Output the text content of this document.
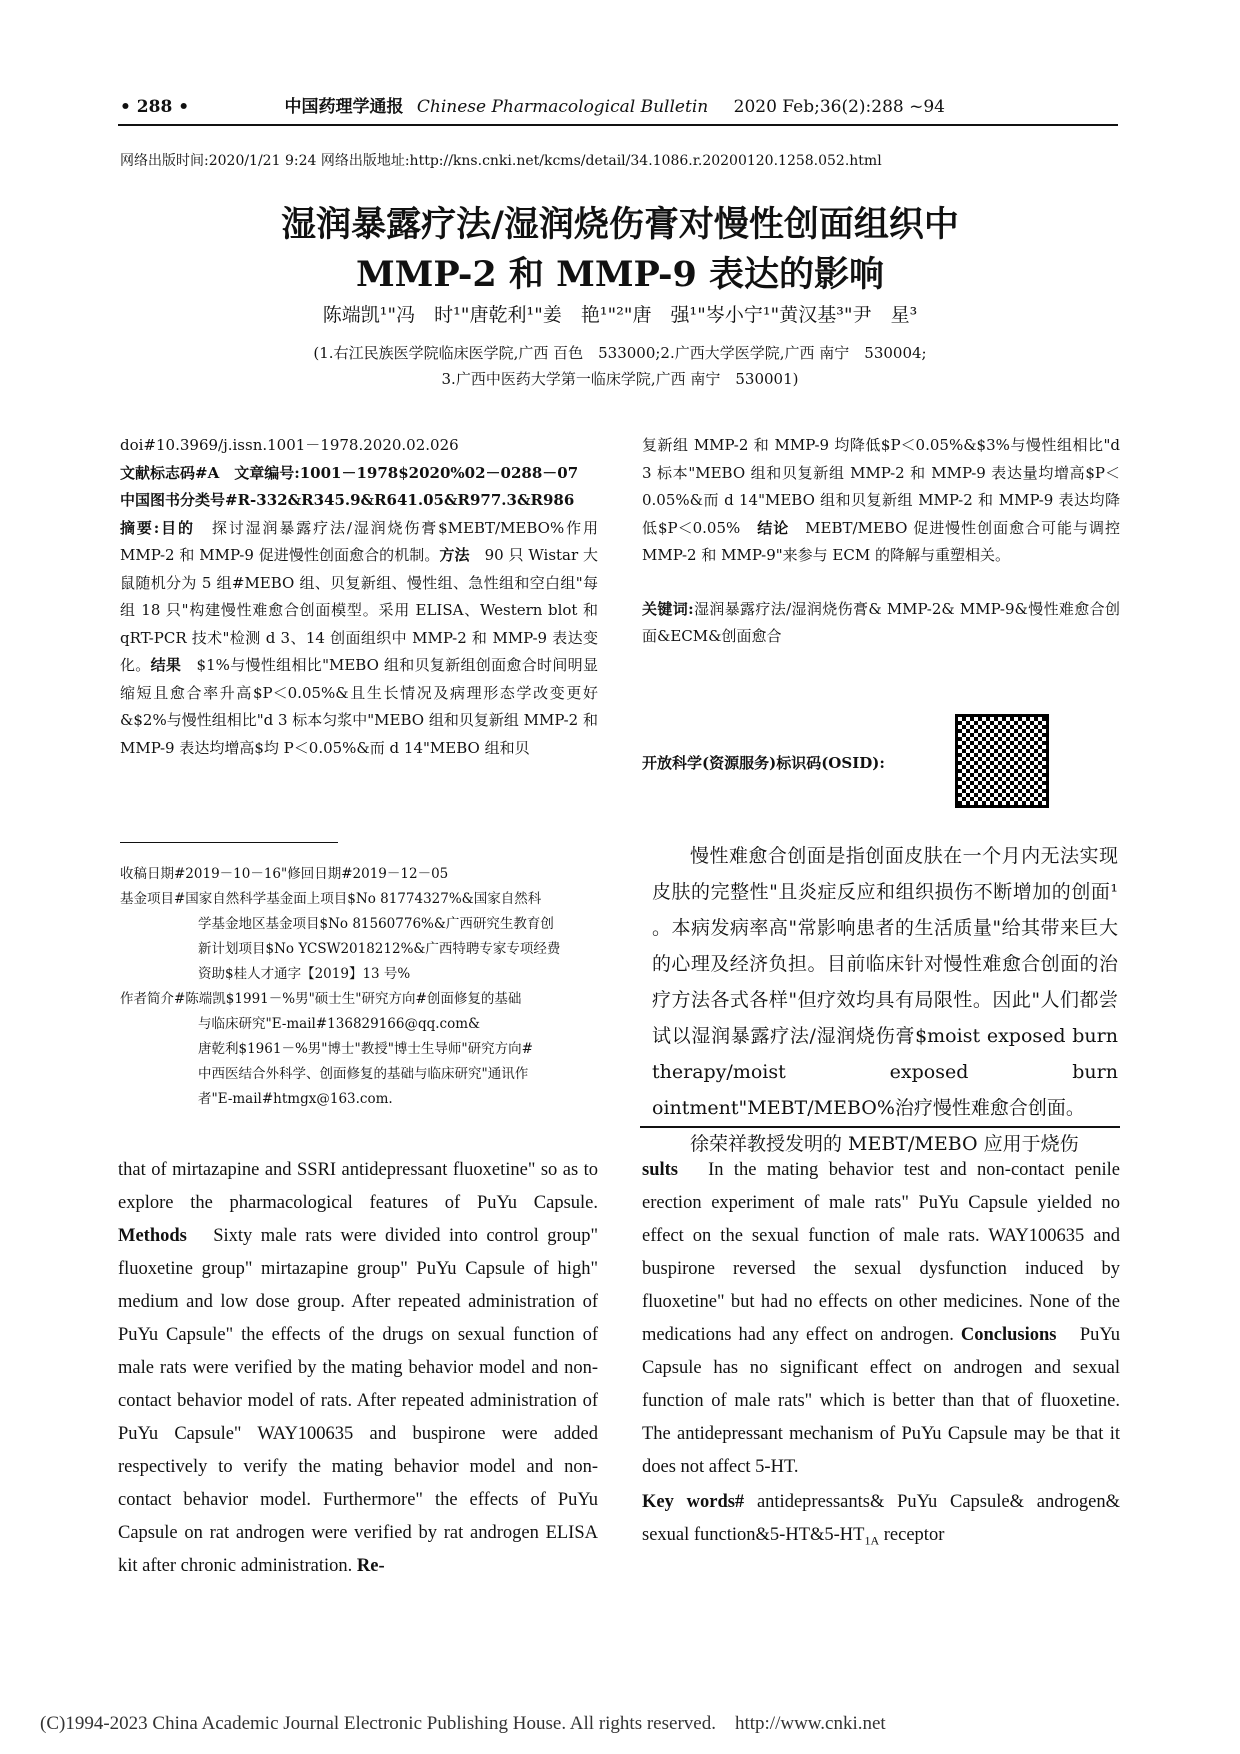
• 288 •	中国药理学通报 Chinese Pharmacological Bulletin 2020 Feb;36(2):288 ~94
网络出版时间:2020/1/21 9:24 网络出版地址:http://kns.cnki.net/kcms/detail/34.1086.r.20200120.1258.052.html
湿润暴露疗法/湿润烧伤膏对慢性创面组织中
MMP-2 和 MMP-9 表达的影响
陈端凯¹"冯　时¹"唐乾利¹"姜　艳¹"²"唐　强¹"岑小宁¹"黄汉基³"尹　星³
(1.右江民族医学院临床医学院,广西 百色　533000;2.广西大学医学院,广西 南宁　530004;
3.广西中医药大学第一临床学院,广西 南宁　530001)

doi#10.3969/j.issn.1001－1978.2020.02.026

文献标志码#A　文章编号:1001－1978$2020%02－0288－07

中国图书分类号#R-332&R345.9&R641.05&R977.3&R986

摘要:目的　探讨湿润暴露疗法/湿润烧伤膏$MEBT/MEBO%作用 MMP-2 和 MMP-9 促进慢性创面愈合的机制。方法　90 只 Wistar 大鼠随机分为 5 组#MEBO 组、贝复新组、慢性组、急性组和空白组"每组 18 只"构建慢性难愈合创面模型。采用 ELISA、Western blot 和 qRT-PCR 技术"检测 d 3、14 创面组织中 MMP-2 和 MMP-9 表达变化。结果　$1%与慢性组相比"MEBO 组和贝复新组创面愈合时间明显缩短且愈合率升高$P＜0.05%&且生长情况及病理形态学改变更好&$2%与慢性组相比"d 3 标本匀浆中"MEBO 组和贝复新组 MMP-2 和 MMP-9 表达均增高$均 P＜0.05%&而 d 14"MEBO 组和贝

复新组 MMP-2 和 MMP-9 均降低$P＜0.05%&$3%与慢性组相比"d 3 标本"MEBO 组和贝复新组 MMP-2 和 MMP-9 表达量均增高$P＜0.05%&而 d 14"MEBO 组和贝复新组 MMP-2 和 MMP-9 表达均降低$P＜0.05%　结论　MEBT/MEBO 促进慢性创面愈合可能与调控 MMP-2 和 MMP-9"来参与 ECM 的降解与重塑相关。

关键词:湿润暴露疗法/湿润烧伤膏& MMP-2& MMP-9&慢性难愈合创面&ECM&创面愈合

开放科学(资源服务)标识码(OSID):
收稿日期#2019－10－16"修回日期#2019－12－05
基金项目#国家自然科学基金面上项目$No 81774327%&国家自然科
学基金地区基金项目$No 81560776%&广西研究生教育创
新计划项目$No YCSW2018212%&广西特聘专家专项经费
资助$桂人才通字【2019】13 号%
作者简介#陈端凯$1991－%男"硕士生"研究方向#创面修复的基础
与临床研究"E-mail#136829166@qq.com&
唐乾利$1961－%男"博士"教授"博士生导师"研究方向#
中西医结合外科学、创面修复的基础与临床研究"通讯作
者"E-mail#htmgx@163.com.

慢性难愈合创面是指创面皮肤在一个月内无法实现皮肤的完整性"且炎症反应和组织损伤不断增加的创面¹ 。本病发病率高"常影响患者的生活质量"给其带来巨大的心理及经济负担。目前临床针对慢性难愈合创面的治疗方法各式各样"但疗效均具有局限性。因此"人们都尝试以湿润暴露疗法/湿润烧伤膏$moist exposed burn therapy/moist exposed burn ointment"MEBT/MEBO%治疗慢性难愈合创面。

徐荣祥教授发明的 MEBT/MEBO 应用于烧伤

that of mirtazapine and SSRI antidepressant fluoxetine" so as to explore the pharmacological features of PuYu Capsule. Methods　Sixty male rats were divided into control group" fluoxetine group" mirtazapine group" PuYu Capsule of high" medium and low dose group. After repeated administration of PuYu Capsule" the effects of the drugs on sexual function of male rats were verified by the mating behavior model and non-contact behavior model of rats. After repeated administration of PuYu Capsule" WAY100635 and buspirone were added respectively to verify the mating behavior model and non-contact behavior model. Furthermore" the effects of PuYu Capsule on rat androgen were verified by rat androgen ELISA kit after chronic administration. Re-

sults　In the mating behavior test and non-contact penile erection experiment of male rats" PuYu Capsule yielded no effect on the sexual function of male rats. WAY100635 and buspirone reversed the sexual dysfunction induced by fluoxetine" but had no effects on other medicines. None of the medications had any effect on androgen. Conclusions　PuYu Capsule has no significant effect on androgen and sexual function of male rats" which is better than that of fluoxetine. The antidepressant mechanism of PuYu Capsule may be that it does not affect 5-HT.

Key words# antidepressants& PuYu Capsule& androgen& sexual $function\&5-HT\&5-HT_{1A}$ receptor

(C)1994-2023 China Academic Journal Electronic Publishing House. All rights reserved.　http://www.cnki.net
